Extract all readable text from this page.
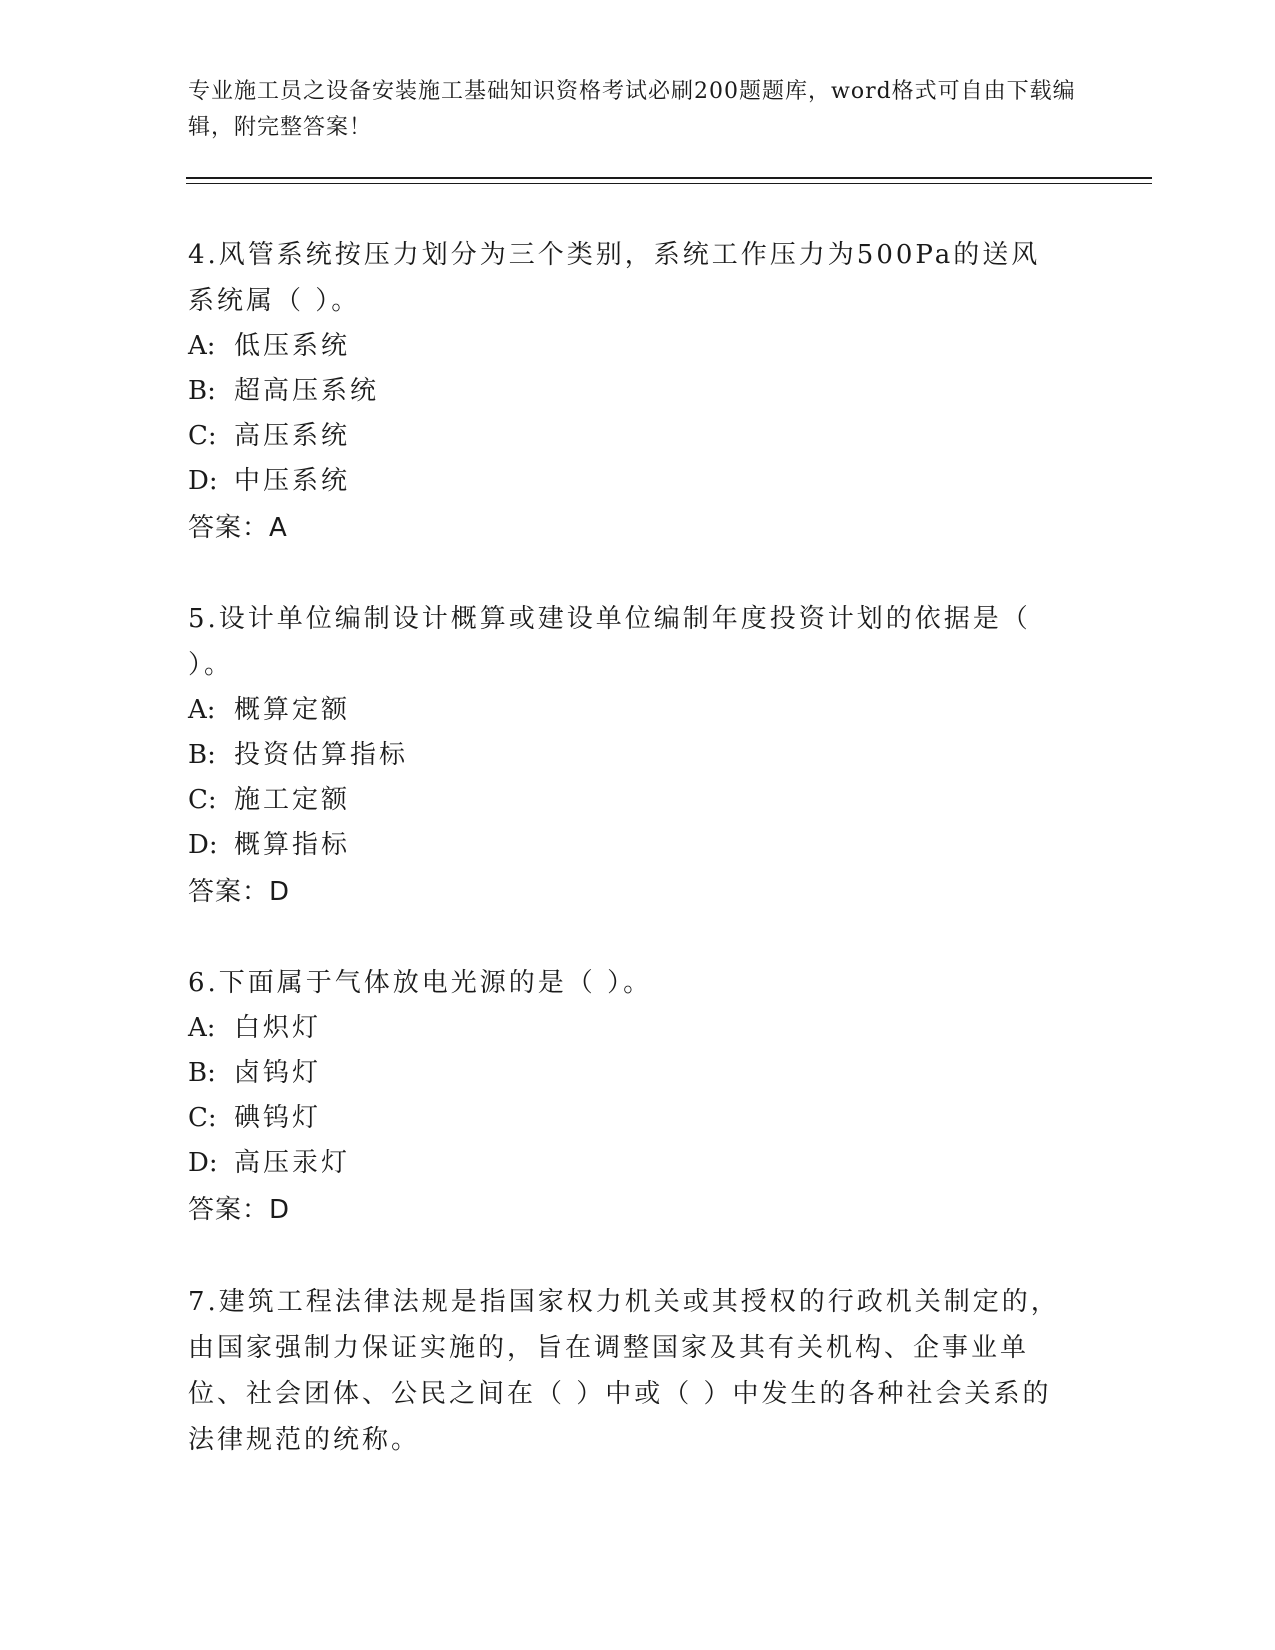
专业施工员之设备安装施工基础知识资格考试必刷200题题库，word格式可自由下载编辑，附完整答案！

4.风管系统按压力划分为三个类别，系统工作压力为500Pa的送风系统属（ ）。

A: 低压系统

B: 超高压系统

C: 高压系统

D: 中压系统

答案：A

5.设计单位编制设计概算或建设单位编制年度投资计划的依据是（ ）。

A: 概算定额

B: 投资估算指标

C: 施工定额

D: 概算指标

答案：D

6.下面属于气体放电光源的是（ ）。

A: 白炽灯

B: 卤钨灯

C: 碘钨灯

D: 高压汞灯

答案：D

7.建筑工程法律法规是指国家权力机关或其授权的行政机关制定的，由国家强制力保证实施的，旨在调整国家及其有关机构、企事业单位、社会团体、公民之间在（ ）中或（ ）中发生的各种社会关系的法律规范的统称。
